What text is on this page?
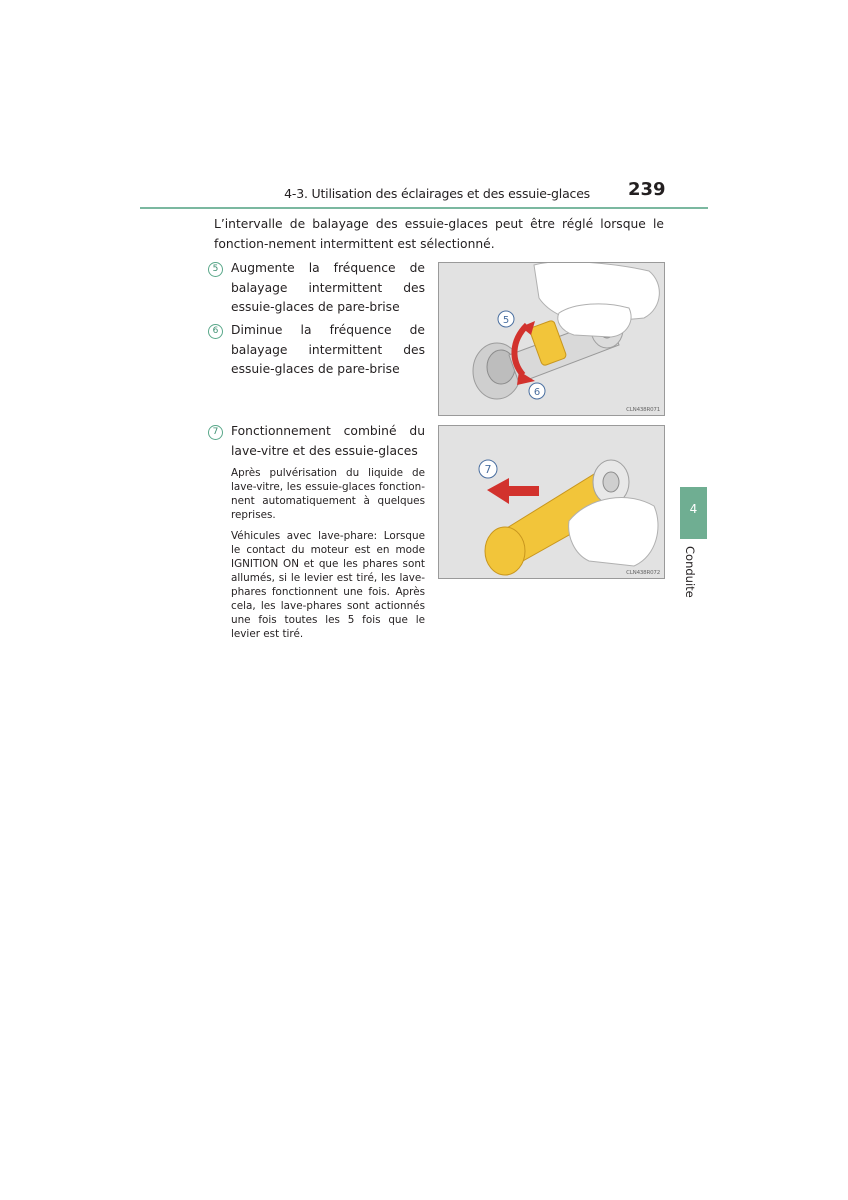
4-3. Utilisation des éclairages et des essuie-glaces 239

L’intervalle de balayage des essuie-glaces peut être réglé lorsque le fonction-nement intermittent est sélectionné.

5	Augmente la fréquence de balayage intermittent des essuie-glaces de pare-brise
6	Diminue la fréquence de balayage intermittent des essuie-glaces de pare-brise
7	Fonctionnement combiné du lave-vitre et des essuie-glaces
Après pulvérisation du liquide de lave-vitre, les essuie-glaces fonction-nent automatiquement à quelques reprises.
Véhicules avec lave-phare: Lorsque le contact du moteur est en mode IGNITION ON et que les phares sont allumés, si le levier est tiré, les lave-phares fonctionnent une fois. Après cela, les lave-phares sont actionnés une fois toutes les 5 fois que le levier est tiré.
5
6
CLN438R071
7
CLN438R072
4
Conduite
